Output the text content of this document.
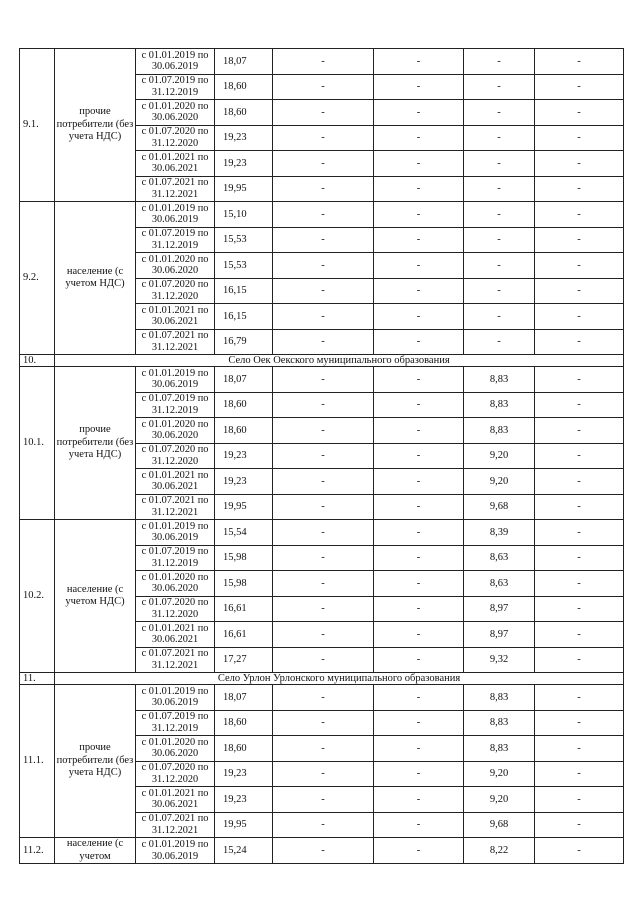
9.1.	прочие потребители (без учета НДС)	с 01.01.2019 по 30.06.2019	18,07	-	-	-	-
		с 01.07.2019 по 31.12.2019	18,60	-	-	-	-
		с 01.01.2020 по 30.06.2020	18,60	-	-	-	-
		с 01.07.2020 по 31.12.2020	19,23	-	-	-	-
		с 01.01.2021 по 30.06.2021	19,23	-	-	-	-
		с 01.07.2021 по 31.12.2021	19,95	-	-	-	-
9.2.	население (с учетом НДС)	с 01.01.2019 по 30.06.2019	15,10	-	-	-	-
		с 01.07.2019 по 31.12.2019	15,53	-	-	-	-
		с 01.01.2020 по 30.06.2020	15,53	-	-	-	-
		с 01.07.2020 по 31.12.2020	16,15	-	-	-	-
		с 01.01.2021 по 30.06.2021	16,15	-	-	-	-
		с 01.07.2021 по 31.12.2021	16,79	-	-	-	-
10.	Село Оек Оекского муниципального образования						
10.1.	прочие потребители (без учета НДС)	с 01.01.2019 по 30.06.2019	18,07	-	-	8,83	-
		с 01.07.2019 по 31.12.2019	18,60	-	-	8,83	-
		с 01.01.2020 по 30.06.2020	18,60	-	-	8,83	-
		с 01.07.2020 по 31.12.2020	19,23	-	-	9,20	-
		с 01.01.2021 по 30.06.2021	19,23	-	-	9,20	-
		с 01.07.2021 по 31.12.2021	19,95	-	-	9,68	-
10.2.	население (с учетом НДС)	с 01.01.2019 по 30.06.2019	15,54	-	-	8,39	-
		с 01.07.2019 по 31.12.2019	15,98	-	-	8,63	-
		с 01.01.2020 по 30.06.2020	15,98	-	-	8,63	-
		с 01.07.2020 по 31.12.2020	16,61	-	-	8,97	-
		с 01.01.2021 по 30.06.2021	16,61	-	-	8,97	-
		с 01.07.2021 по 31.12.2021	17,27	-	-	9,32	-
11.	Село Урлон Урлонского муниципального образования						
11.1.	прочие потребители (без учета НДС)	с 01.01.2019 по 30.06.2019	18,07	-	-	8,83	-
		с 01.07.2019 по 31.12.2019	18,60	-	-	8,83	-
		с 01.01.2020 по 30.06.2020	18,60	-	-	8,83	-
		с 01.07.2020 по 31.12.2020	19,23	-	-	9,20	-
		с 01.01.2021 по 30.06.2021	19,23	-	-	9,20	-
		с 01.07.2021 по 31.12.2021	19,95	-	-	9,68	-
11.2.	население (с учетом	с 01.01.2019 по 30.06.2019	15,24	-	-	8,22	-
